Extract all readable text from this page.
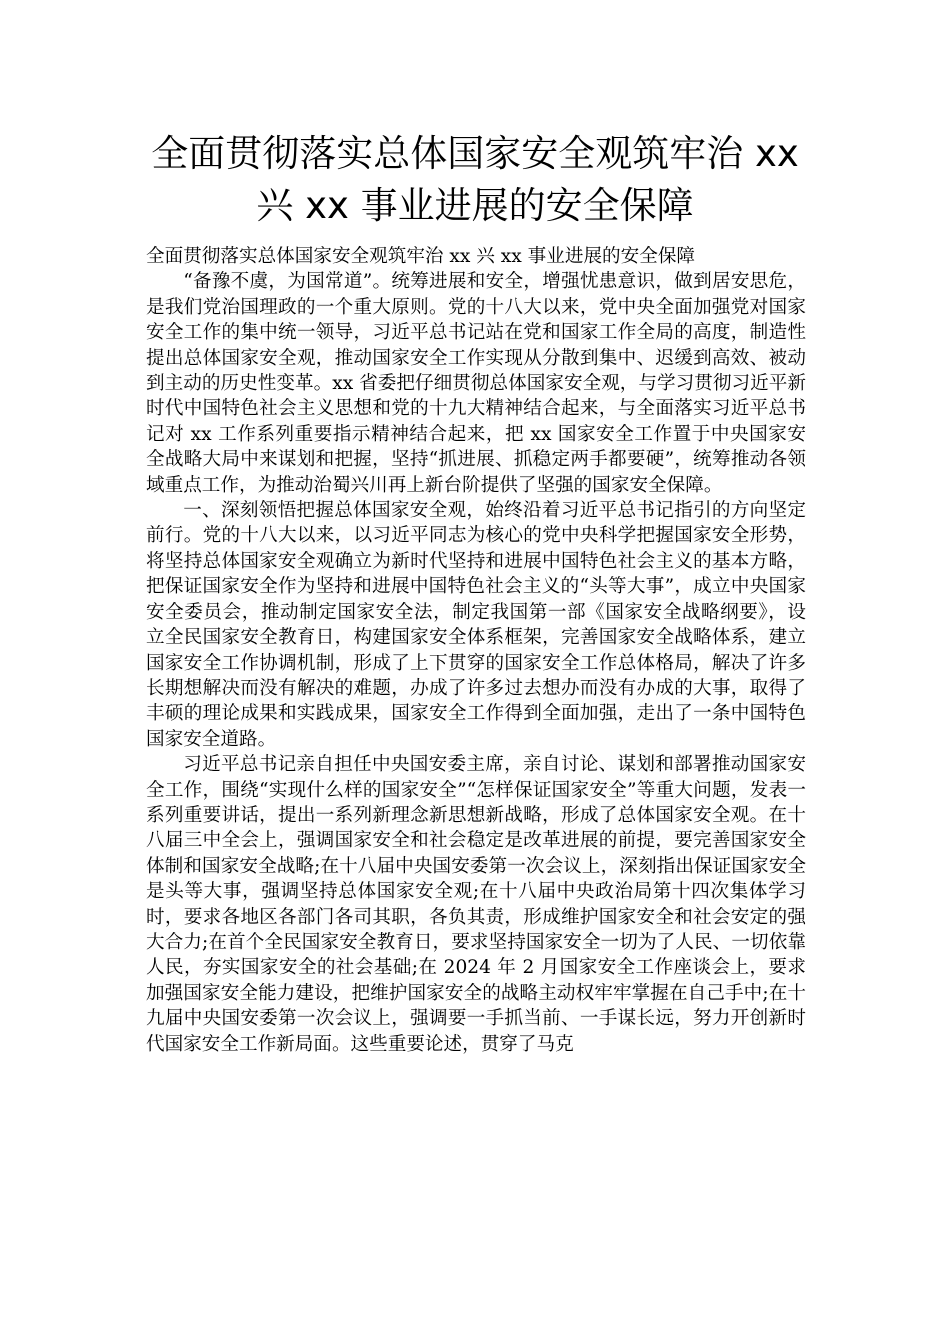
全面贯彻落实总体国家安全观筑牢治 xx
兴 xx 事业进展的安全保障

全面贯彻落实总体国家安全观筑牢治 xx 兴 xx 事业进展的安全保障

“备豫不虞，为国常道”。统筹进展和安全，增强忧患意识，做到居安思危，是我们党治国理政的一个重大原则。党的十八大以来，党中央全面加强党对国家安全工作的集中统一领导，习近平总书记站在党和国家工作全局的高度，制造性提出总体国家安全观，推动国家安全工作实现从分散到集中、迟缓到高效、被动到主动的历史性变革。xx 省委把仔细贯彻总体国家安全观，与学习贯彻习近平新时代中国特色社会主义思想和党的十九大精神结合起来，与全面落实习近平总书记对 xx 工作系列重要指示精神结合起来，把 xx 国家安全工作置于中央国家安全战略大局中来谋划和把握，坚持“抓进展、抓稳定两手都要硬”，统筹推动各领域重点工作，为推动治蜀兴川再上新台阶提供了坚强的国家安全保障。

一、深刻领悟把握总体国家安全观，始终沿着习近平总书记指引的方向坚定前行。党的十八大以来，以习近平同志为核心的党中央科学把握国家安全形势，将坚持总体国家安全观确立为新时代坚持和进展中国特色社会主义的基本方略，把保证国家安全作为坚持和进展中国特色社会主义的“头等大事”，成立中央国家安全委员会，推动制定国家安全法，制定我国第一部《国家安全战略纲要》，设立全民国家安全教育日，构建国家安全体系框架，完善国家安全战略体系，建立国家安全工作协调机制，形成了上下贯穿的国家安全工作总体格局，解决了许多长期想解决而没有解决的难题，办成了许多过去想办而没有办成的大事，取得了丰硕的理论成果和实践成果，国家安全工作得到全面加强，走出了一条中国特色国家安全道路。

习近平总书记亲自担任中央国安委主席，亲自讨论、谋划和部署推动国家安全工作，围绕“实现什么样的国家安全”“怎样保证国家安全”等重大问题，发表一系列重要讲话，提出一系列新理念新思想新战略，形成了总体国家安全观。在十八届三中全会上，强调国家安全和社会稳定是改革进展的前提，要完善国家安全体制和国家安全战略;在十八届中央国安委第一次会议上，深刻指出保证国家安全是头等大事，强调坚持总体国家安全观;在十八届中央政治局第十四次集体学习时，要求各地区各部门各司其职，各负其责，形成维护国家安全和社会安定的强大合力;在首个全民国家安全教育日，要求坚持国家安全一切为了人民、一切依靠人民，夯实国家安全的社会基础;在 2024 年 2 月国家安全工作座谈会上，要求加强国家安全能力建设，把维护国家安全的战略主动权牢牢掌握在自己手中;在十九届中央国安委第一次会议上，强调要一手抓当前、一手谋长远，努力开创新时代国家安全工作新局面。这些重要论述，贯穿了马克
